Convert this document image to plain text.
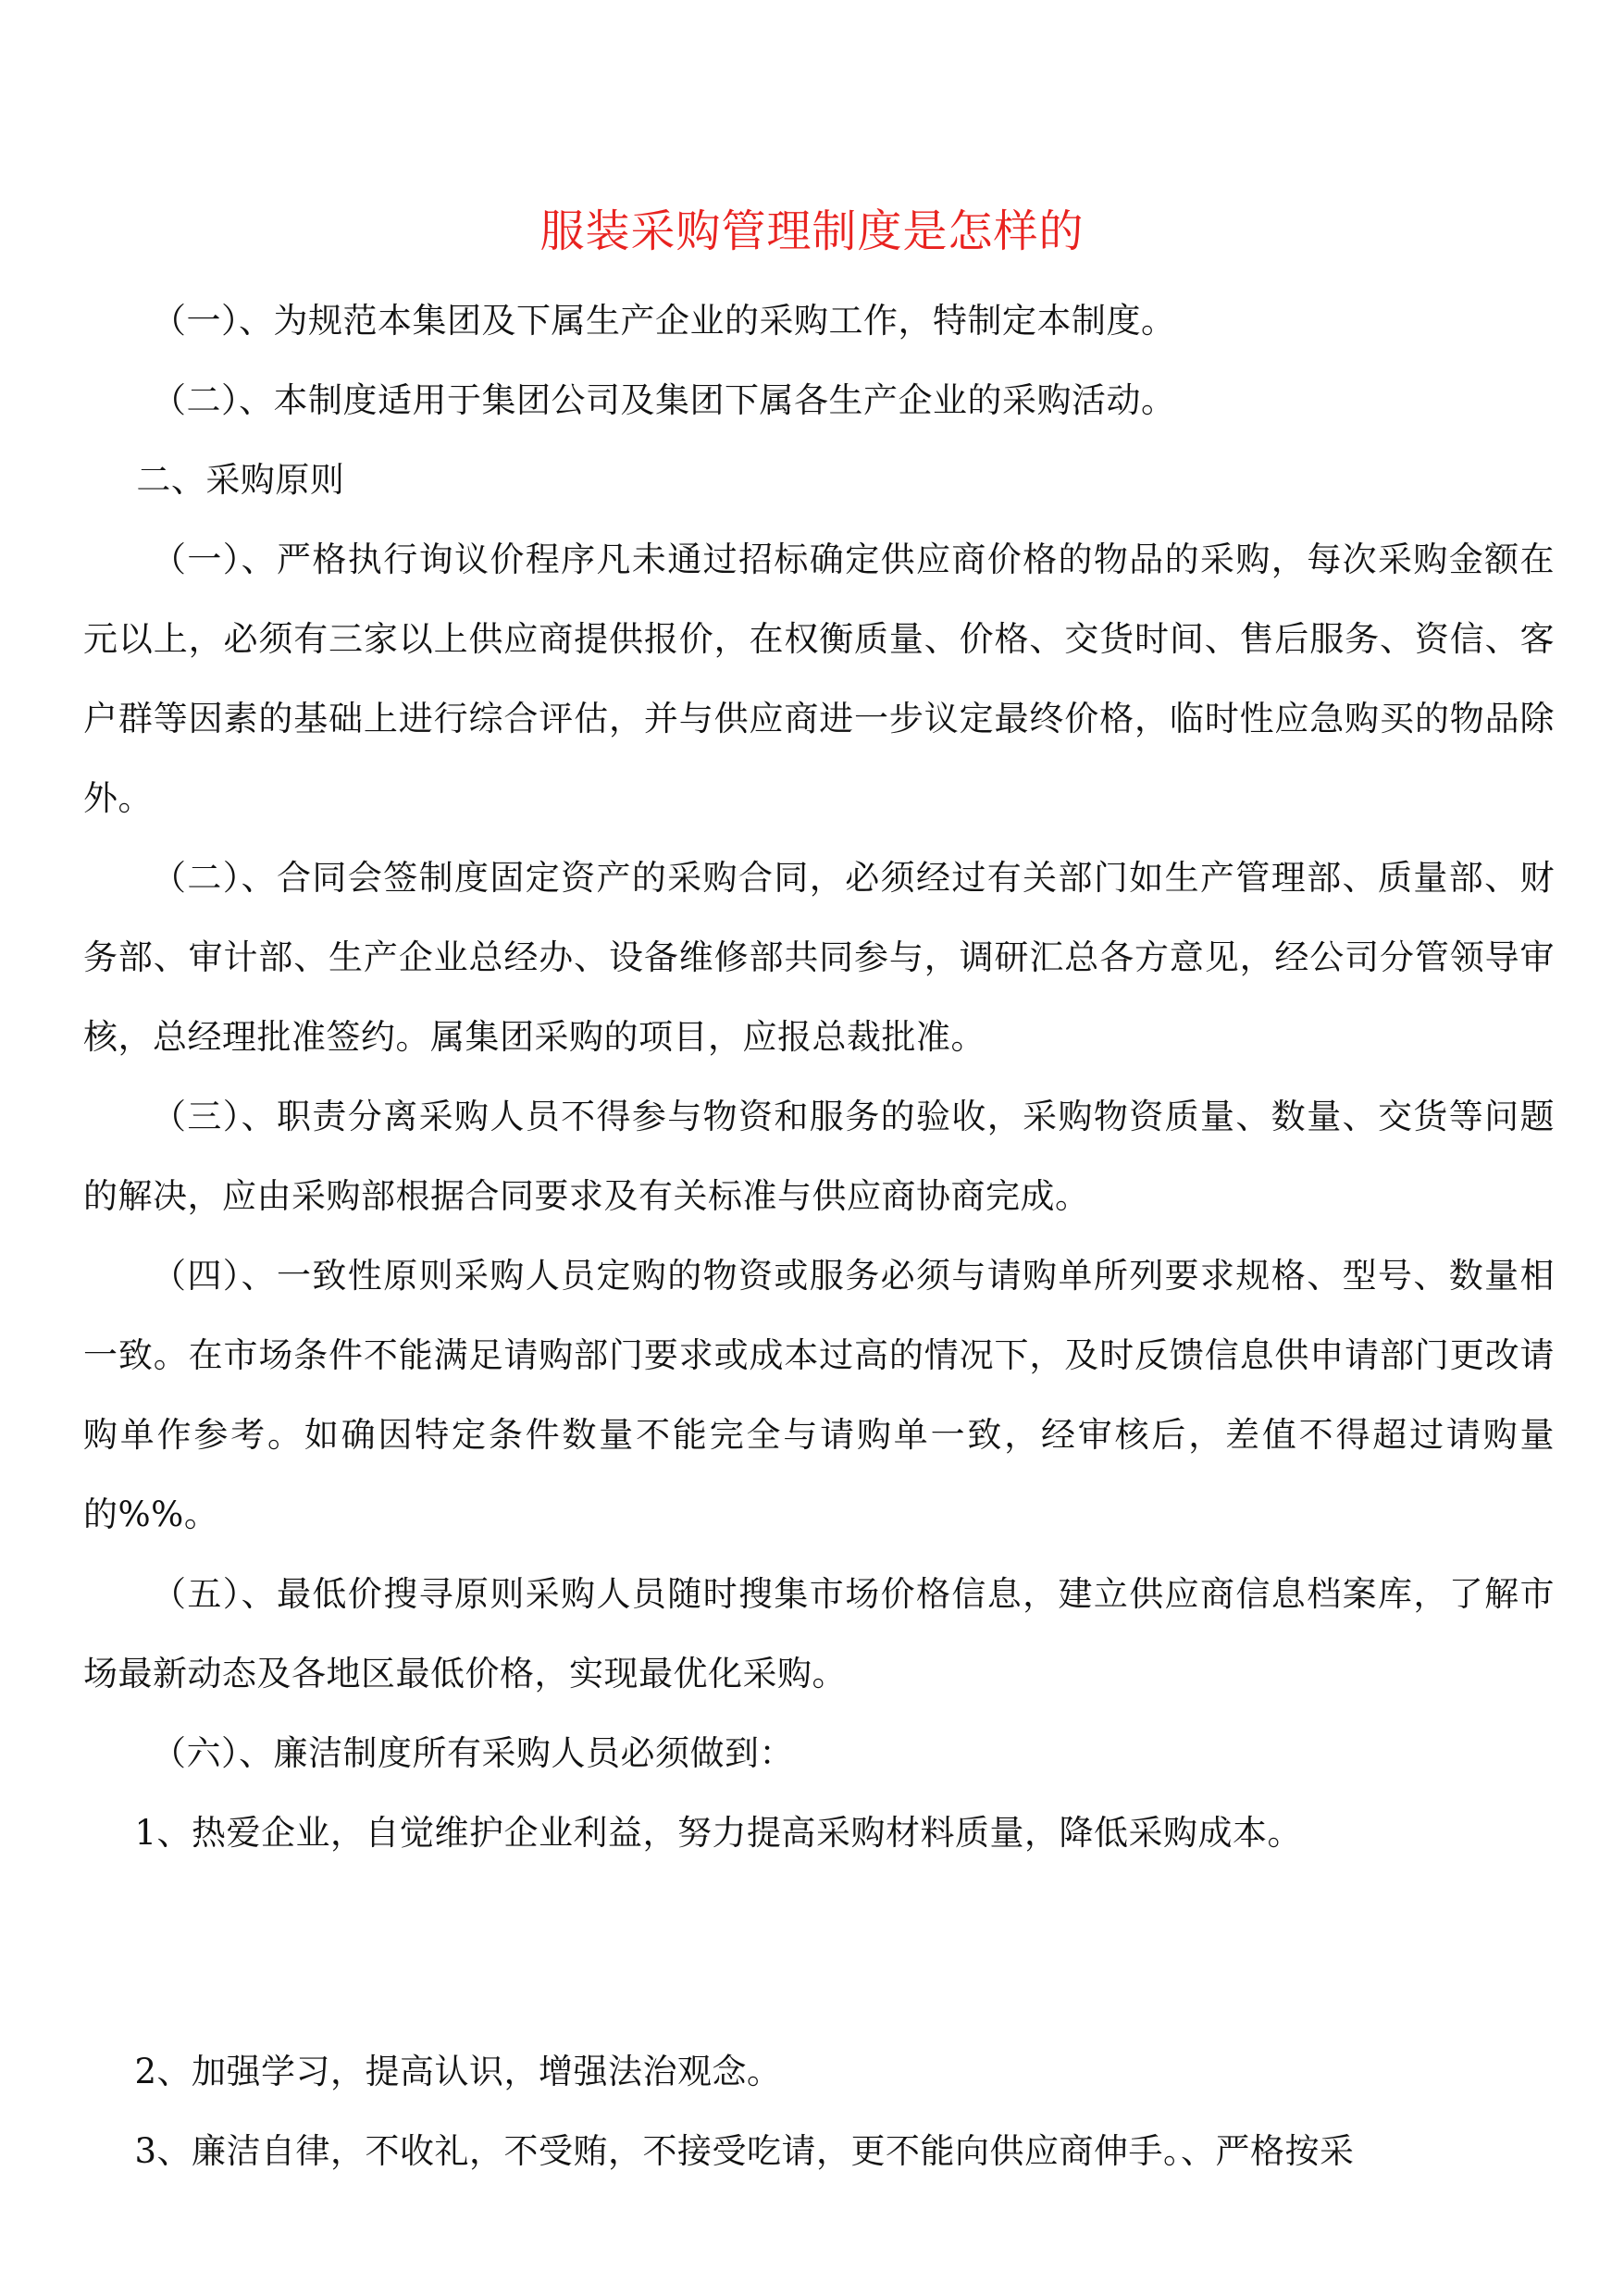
服装采购管理制度是怎样的
（一）、为规范本集团及下属生产企业的采购工作，特制定本制度。
（二）、本制度适用于集团公司及集团下属各生产企业的采购活动。
二、采购原则
（一）、严格执行询议价程序凡未通过招标确定供应商价格的物品的采购，每次采购金额在 元以上，必须有三家以上供应商提供报价，在权衡质量、价格、交货时间、售后服务、资信、客户群等因素的基础上进行综合评估，并与供应商进一步议定最终价格，临时性应急购买的物品除外。
（二）、合同会签制度固定资产的采购合同，必须经过有关部门如生产管理部、质量部、财务部、审计部、生产企业总经办、设备维修部共同参与，调研汇总各方意见，经公司分管领导审核，总经理批准签约。属集团采购的项目，应报总裁批准。
（三）、职责分离采购人员不得参与物资和服务的验收，采购物资质量、数量、交货等问题的解决，应由采购部根据合同要求及有关标准与供应商协商完成。
（四）、一致性原则采购人员定购的物资或服务必须与请购单所列要求规格、型号、数量相一致。在市场条件不能满足请购部门要求或成本过高的情况下，及时反馈信息供申请部门更改请购单作参考。如确因特定条件数量不能完全与请购单一致，经审核后，差值不得超过请购量的%%。
（五）、最低价搜寻原则采购人员随时搜集市场价格信息，建立供应商信息档案库，了解市场最新动态及各地区最低价格，实现最优化采购。
（六）、廉洁制度所有采购人员必须做到：
1、热爱企业，自觉维护企业利益，努力提高采购材料质量，降低采购成本。
2、加强学习，提高认识，增强法治观念。
3、廉洁自律，不收礼，不受贿，不接受吃请，更不能向供应商伸手。、严格按采
